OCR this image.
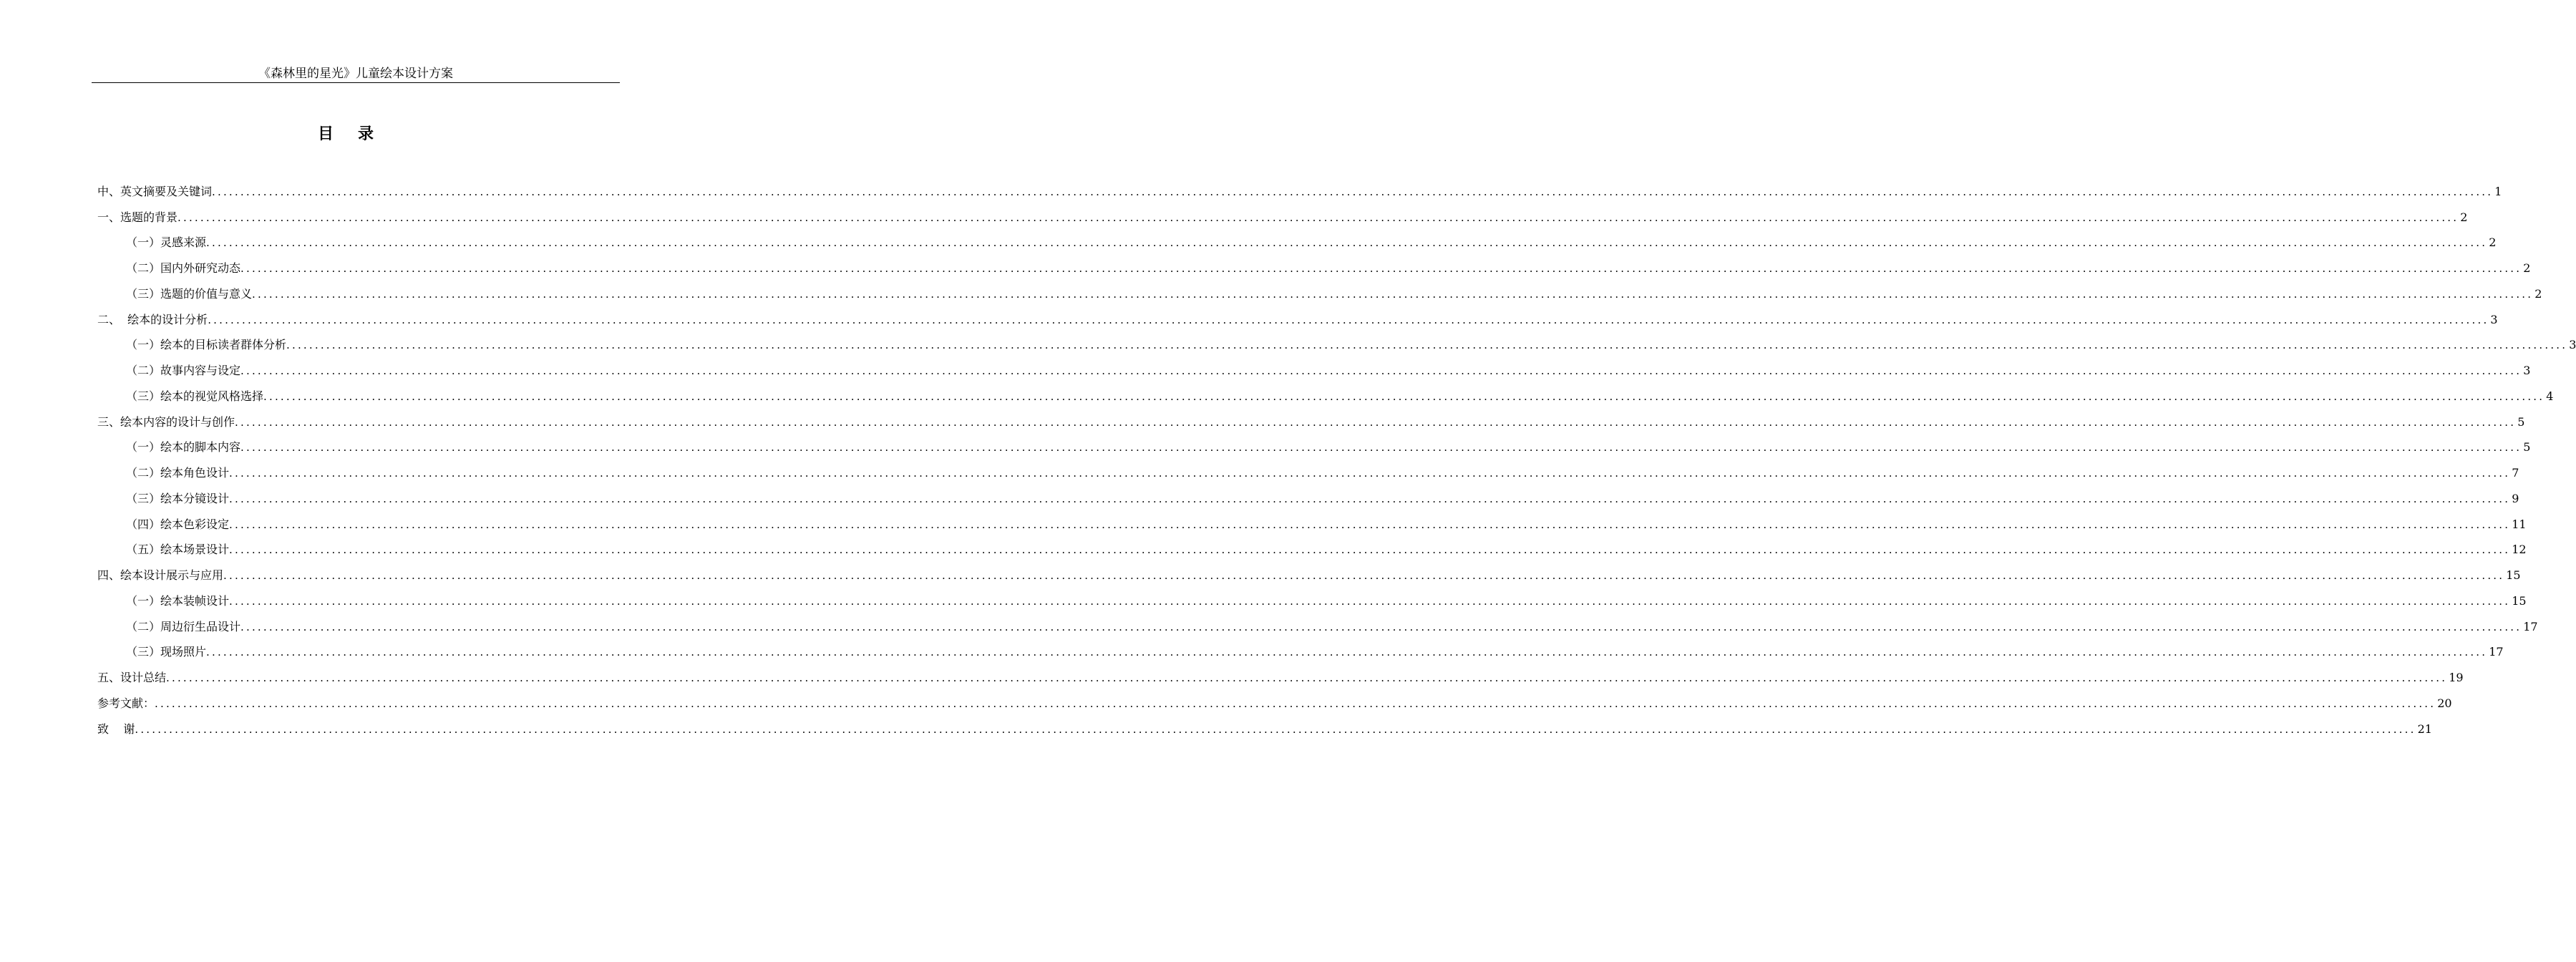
《森林里的星光》儿童绘本设计方案
目录
中、英文摘要及关键词 ................................................................................................................................................................................................................................................................................................................................................................................................................ 1
一、选题的背景 ................................................................................................................................................................................................................................................................................................................................................................................................................ 2
（一）灵感来源 ................................................................................................................................................................................................................................................................................................................................................................................................................ 2
（二）国内外研究动态 ................................................................................................................................................................................................................................................................................................................................................................................................................ 2
（三）选题的价值与意义 ................................................................................................................................................................................................................................................................................................................................................................................................................ 2
二、  绘本的设计分析 ................................................................................................................................................................................................................................................................................................................................................................................................................ 3
（一）绘本的目标读者群体分析 ................................................................................................................................................................................................................................................................................................................................................................................................................ 3
（二）故事内容与设定 ................................................................................................................................................................................................................................................................................................................................................................................................................ 3
（三）绘本的视觉风格选择 ................................................................................................................................................................................................................................................................................................................................................................................................................ 4
三、绘本内容的设计与创作 ................................................................................................................................................................................................................................................................................................................................................................................................................ 5
（一）绘本的脚本内容 ................................................................................................................................................................................................................................................................................................................................................................................................................ 5
（二）绘本角色设计 ................................................................................................................................................................................................................................................................................................................................................................................................................ 7
（三）绘本分镜设计 ................................................................................................................................................................................................................................................................................................................................................................................................................ 9
（四）绘本色彩设定 ................................................................................................................................................................................................................................................................................................................................................................................................................ 11
（五）绘本场景设计 ................................................................................................................................................................................................................................................................................................................................................................................................................ 12
四、绘本设计展示与应用 ................................................................................................................................................................................................................................................................................................................................................................................................................ 15
（一）绘本装帧设计 ................................................................................................................................................................................................................................................................................................................................................................................................................ 15
（二）周边衍生品设计 ................................................................................................................................................................................................................................................................................................................................................................................................................ 17
（三）现场照片 ................................................................................................................................................................................................................................................................................................................................................................................................................ 17
五、设计总结 ................................................................................................................................................................................................................................................................................................................................................................................................................ 19
参考文献： ................................................................................................................................................................................................................................................................................................................................................................................................................ 20
致    谢 ................................................................................................................................................................................................................................................................................................................................................................................................................ 21
